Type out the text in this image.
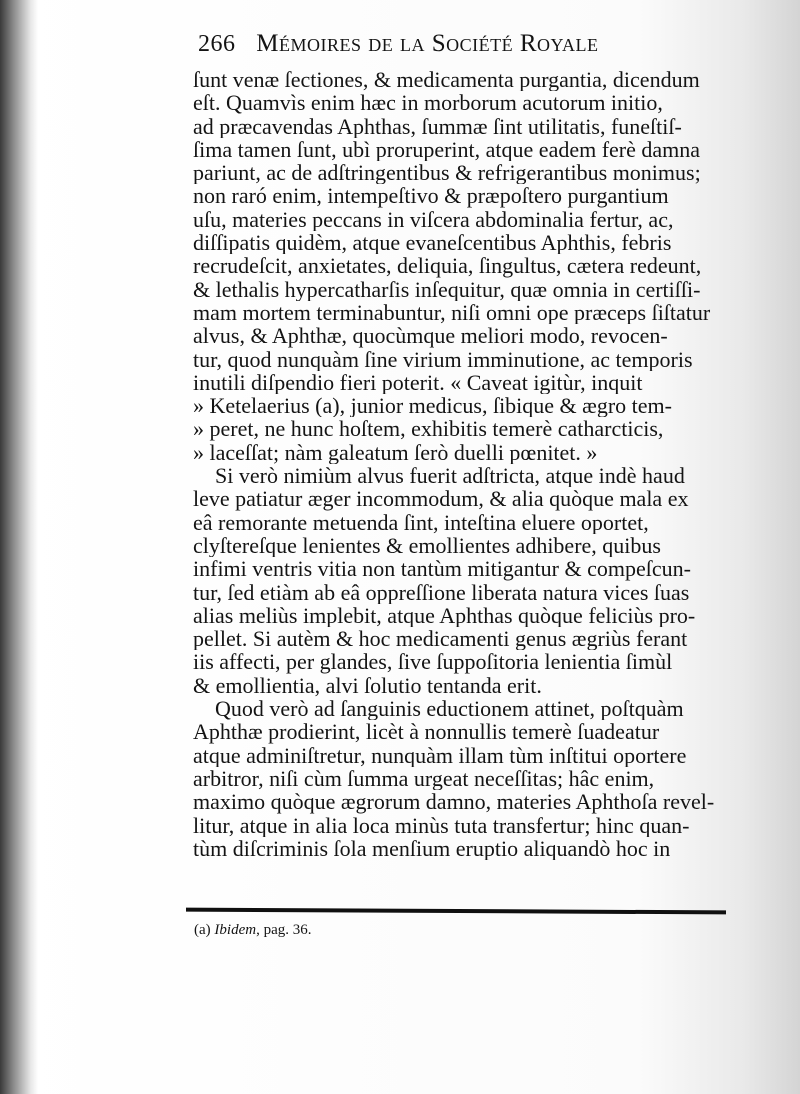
266 Mémoires de la Société Royale
ſunt venæ ſectiones, & medicamenta purgantia, dicendum
eſt. Quamvìs enim hæc in morborum acutorum initio,
ad præcavendas Aphthas, ſummæ ſint utilitatis, funeſtiſ-
ſima tamen ſunt, ubì proruperint, atque eadem ferè damna
pariunt, ac de adſtringentibus & refrigerantibus monimus;
non raró enim, intempeſtivo & præpoſtero purgantium
uſu, materies peccans in viſcera abdominalia fertur, ac,
diſſipatis quidèm, atque evaneſcentibus Aphthis, febris
recrudeſcit, anxietates, deliquia, ſingultus, cætera redeunt,
& lethalis hypercatharſis inſequitur, quæ omnia in certiſſi-
mam mortem terminabuntur, niſi omni ope præceps ſiſtatur
alvus, & Aphthæ, quocùmque meliori modo, revocen-
tur, quod nunquàm ſine virium imminutione, ac temporis
inutili diſpendio fieri poterit. « Caveat igitùr, inquit
» Ketelaerius (a), junior medicus, ſibique & ægro tem-
» peret, ne hunc hoſtem, exhibitis temerè catharcticis,
» laceſſat; nàm galeatum ſerò duelli pœnitet. »
Si verò nimiùm alvus fuerit adſtricta, atque indè haud
leve patiatur æger incommodum, & alia quòque mala ex
eâ remorante metuenda ſint, inteſtina eluere oportet,
clyſtereſque lenientes & emollientes adhibere, quibus
infimi ventris vitia non tantùm mitigantur & compeſcun-
tur, ſed etiàm ab eâ oppreſſione liberata natura vices ſuas
alias meliùs implebit, atque Aphthas quòque feliciùs pro-
pellet. Si autèm & hoc medicamenti genus ægriùs ferant
iis affecti, per glandes, ſive ſuppoſitoria lenientia ſimùl
& emollientia, alvi ſolutio tentanda erit.
Quod verò ad ſanguinis eductionem attinet, poſtquàm
Aphthæ prodierint, licèt à nonnullis temerè ſuadeatur
atque adminiſtretur, nunquàm illam tùm inſtitui oportere
arbitror, niſi cùm ſumma urgeat neceſſitas; hâc enim,
maximo quòque ægrorum damno, materies Aphthoſa revel-
litur, atque in alia loca minùs tuta transfertur; hinc quan-
tùm diſcriminis ſola menſium eruptio aliquandò hoc in
(a) Ibidem, pag. 36.
